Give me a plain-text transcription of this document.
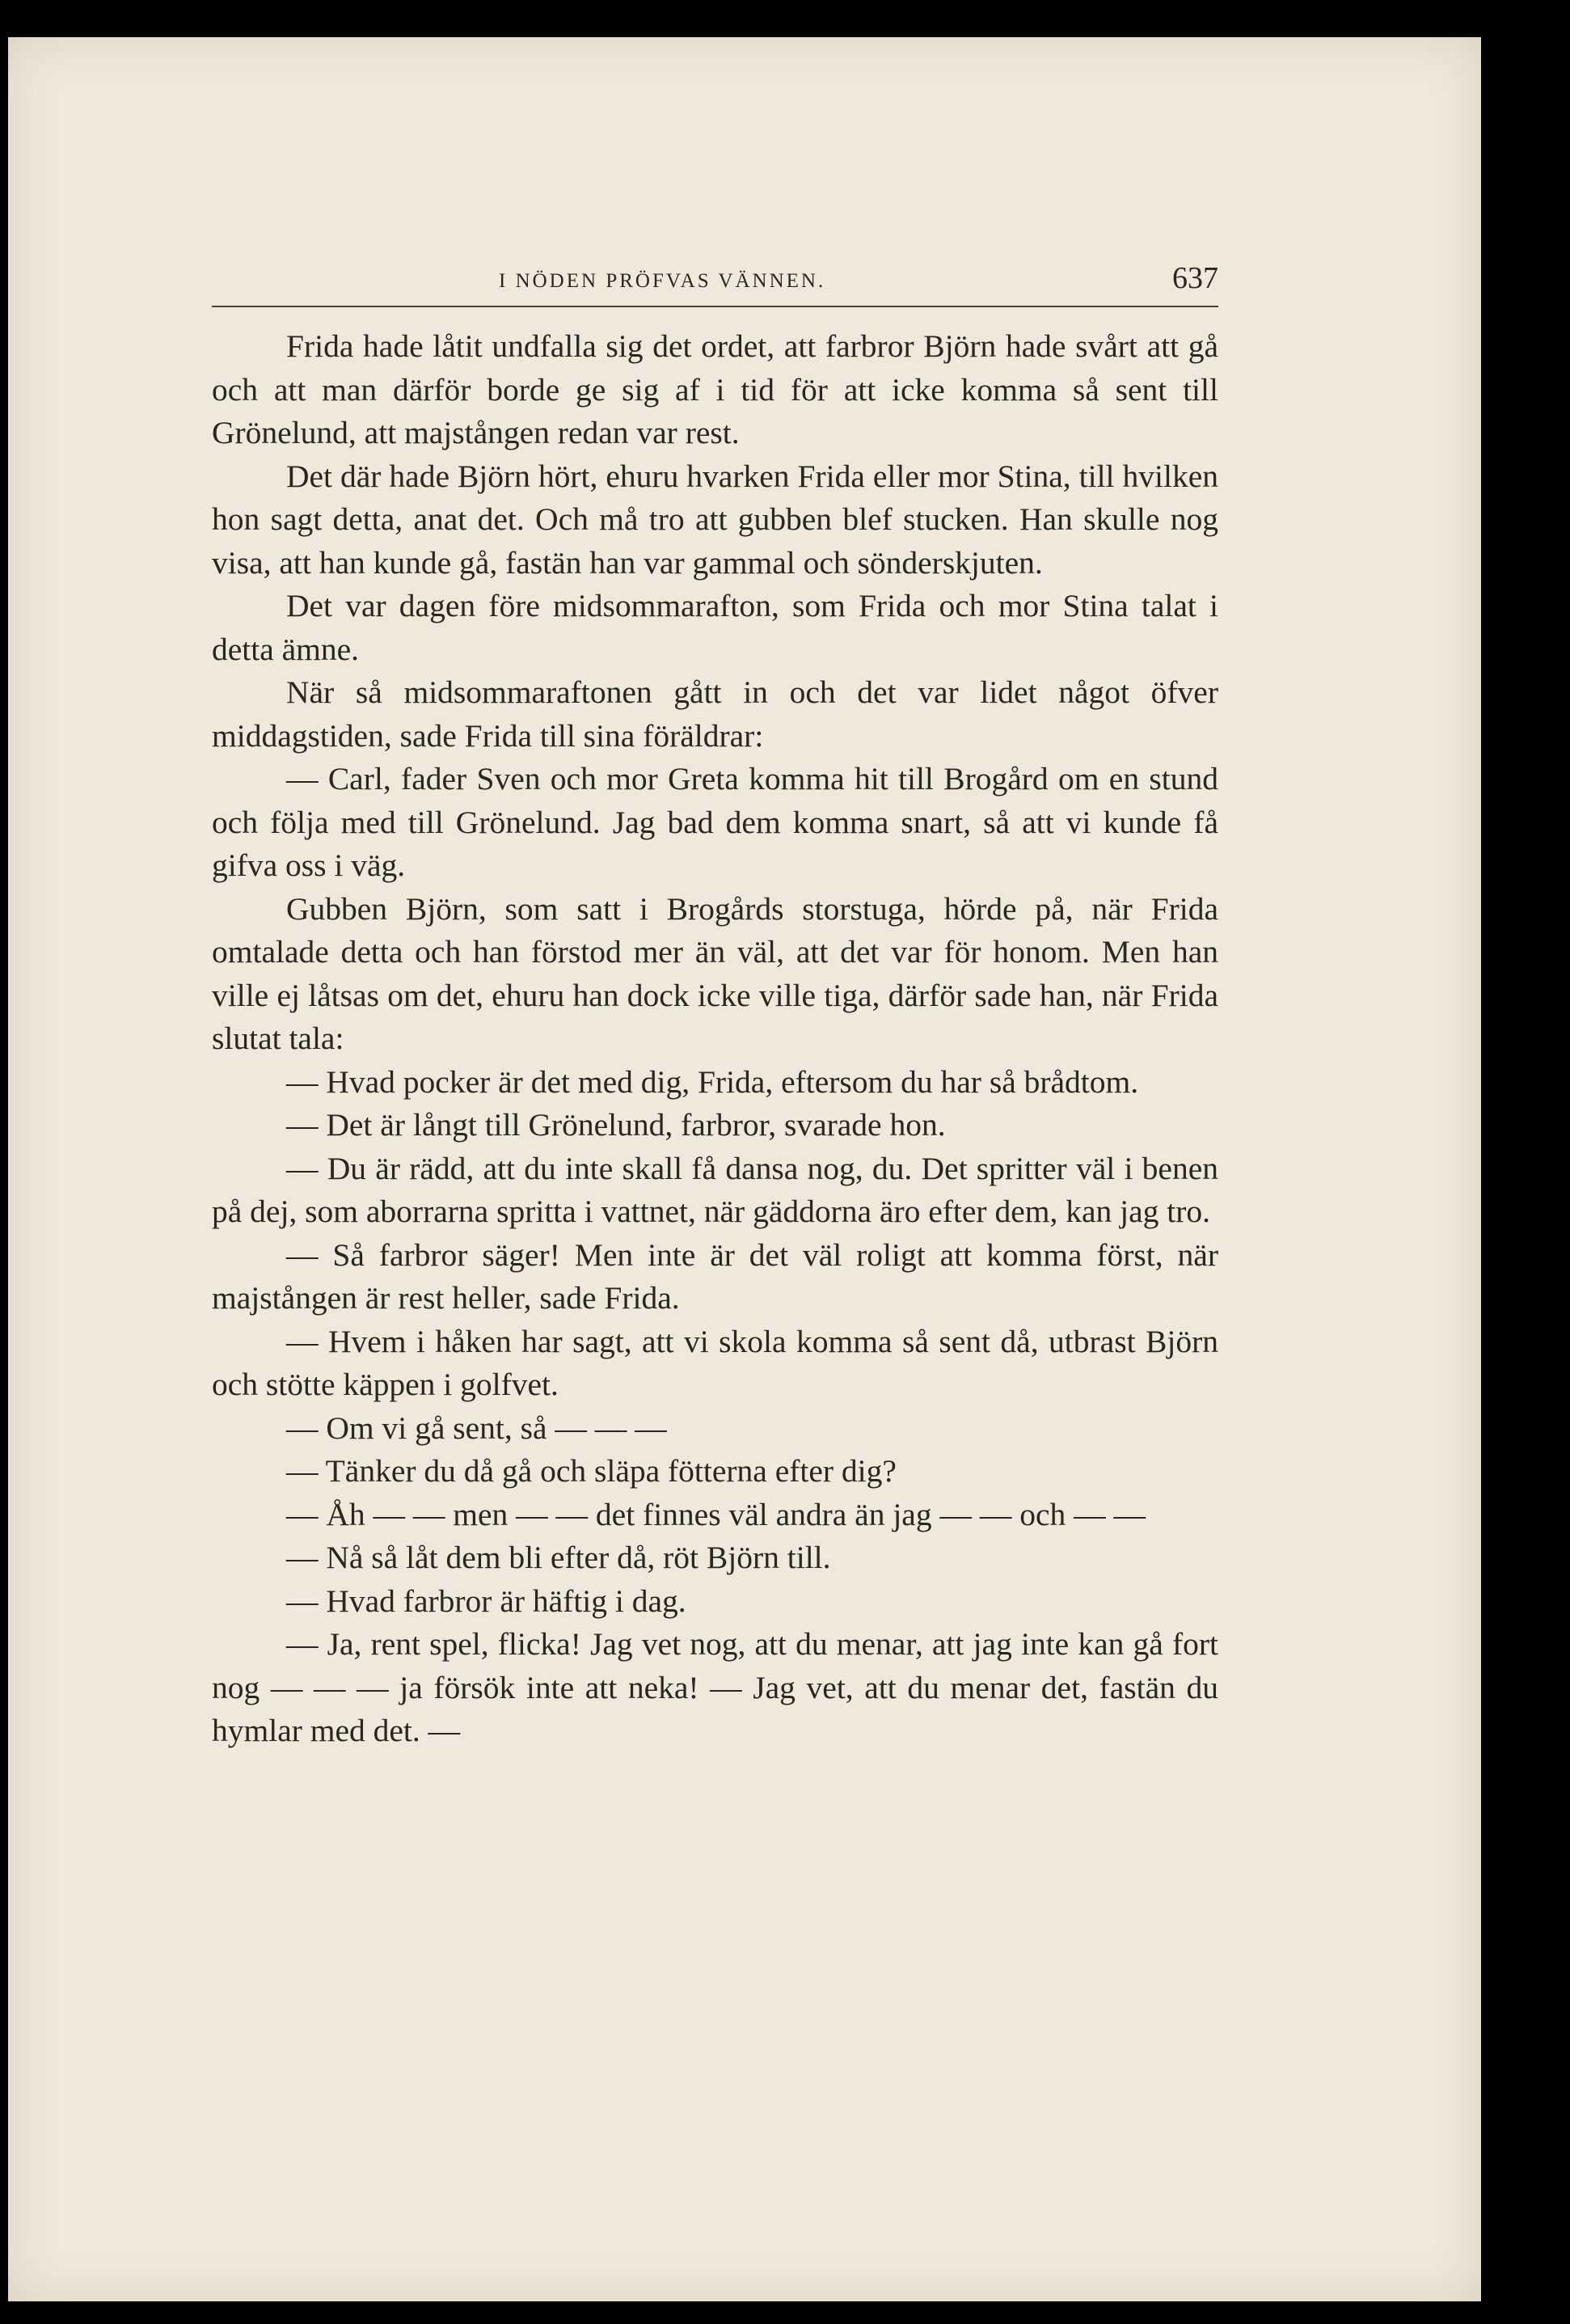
I NÖDEN PRÖFVAS VÄNNEN.	637

Frida hade låtit undfalla sig det ordet, att farbror Björn hade svårt att gå och att man därför borde ge sig af i tid för att icke komma så sent till Grönelund, att majstången redan var rest.

Det där hade Björn hört, ehuru hvarken Frida eller mor Stina, till hvilken hon sagt detta, anat det. Och må tro att gubben blef stucken. Han skulle nog visa, att han kunde gå, fastän han var gammal och sönderskjuten.

Det var dagen före midsommarafton, som Frida och mor Stina talat i detta ämne.

När så midsommaraftonen gått in och det var lidet något öfver middagstiden, sade Frida till sina föräldrar:

— Carl, fader Sven och mor Greta komma hit till Brogård om en stund och följa med till Grönelund. Jag bad dem komma snart, så att vi kunde få gifva oss i väg.

Gubben Björn, som satt i Brogårds storstuga, hörde på, när Frida omtalade detta och han förstod mer än väl, att det var för honom. Men han ville ej låtsas om det, ehuru han dock icke ville tiga, därför sade han, när Frida slutat tala:

— Hvad pocker är det med dig, Frida, eftersom du har så brådtom.

— Det är långt till Grönelund, farbror, svarade hon.

— Du är rädd, att du inte skall få dansa nog, du. Det spritter väl i benen på dej, som aborrarna spritta i vattnet, när gäddorna äro efter dem, kan jag tro.

— Så farbror säger! Men inte är det väl roligt att komma först, när majstången är rest heller, sade Frida.

— Hvem i håken har sagt, att vi skola komma så sent då, utbrast Björn och stötte käppen i golfvet.

— Om vi gå sent, så — — —

— Tänker du då gå och släpa fötterna efter dig?

— Åh — — men — — det finnes väl andra än jag — — och — —

— Nå så låt dem bli efter då, röt Björn till.

— Hvad farbror är häftig i dag.

— Ja, rent spel, flicka! Jag vet nog, att du menar, att jag inte kan gå fort nog — — — ja försök inte att neka! — Jag vet, att du menar det, fastän du hymlar med det. —
